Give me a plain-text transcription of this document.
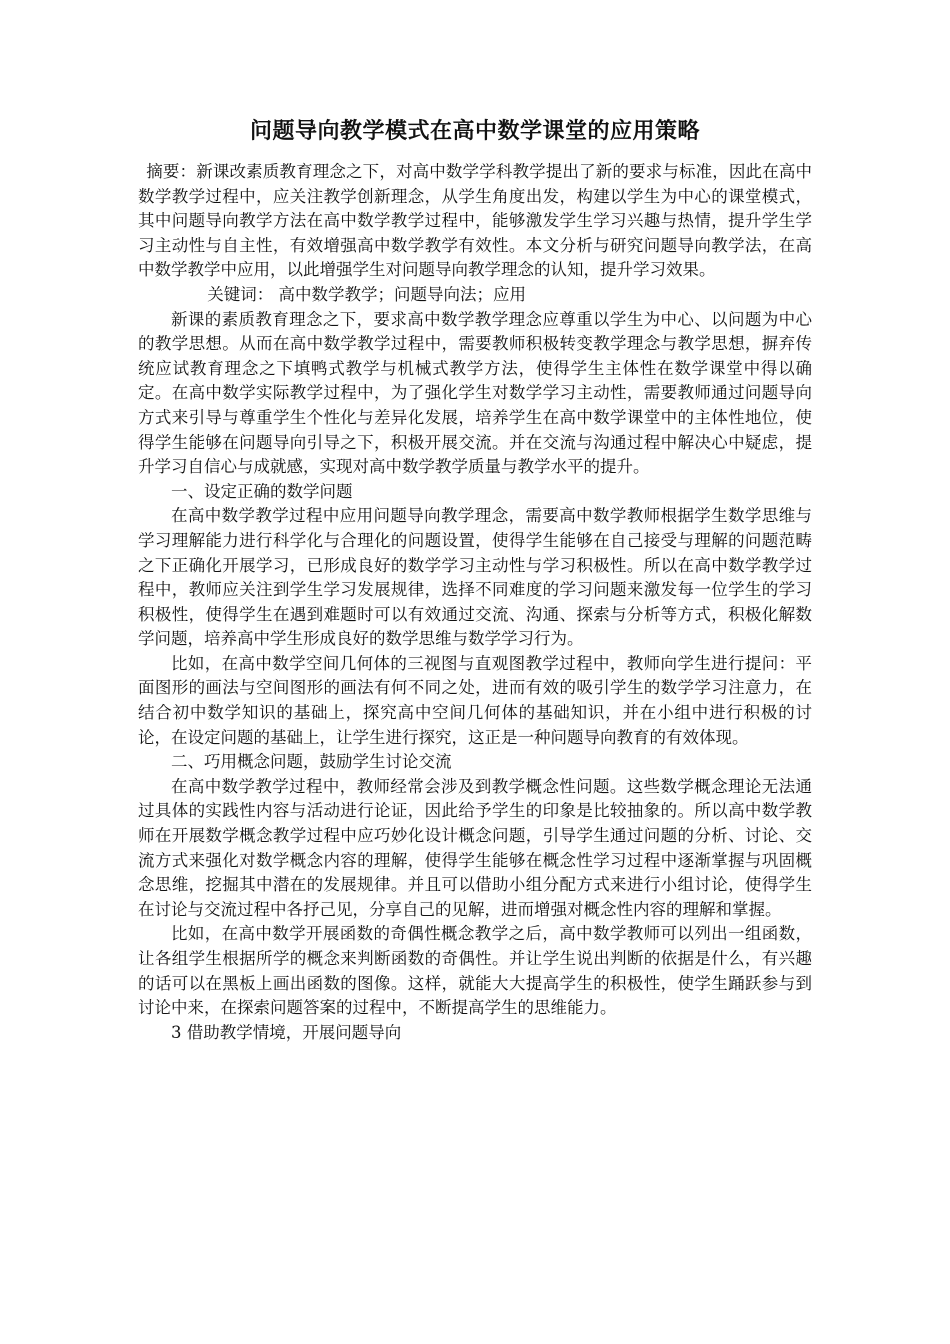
问题导向教学模式在高中数学课堂的应用策略

摘要：新课改素质教育理念之下，对高中数学学科教学提出了新的要求与标准，因此在高中数学教学过程中，应关注教学创新理念，从学生角度出发，构建以学生为中心的课堂模式，其中问题导向教学方法在高中数学教学过程中，能够激发学生学习兴趣与热情，提升学生学习主动性与自主性，有效增强高中数学教学有效性。本文分析与研究问题导向教学法，在高中数学教学中应用，以此增强学生对问题导向教学理念的认知，提升学习效果。

关键词： 高中数学教学；问题导向法；应用

新课的素质教育理念之下，要求高中数学教学理念应尊重以学生为中心、以问题为中心的教学思想。从而在高中数学教学过程中，需要教师积极转变教学理念与教学思想，摒弃传统应试教育理念之下填鸭式教学与机械式教学方法，使得学生主体性在数学课堂中得以确定。在高中数学实际教学过程中，为了强化学生对数学学习主动性，需要教师通过问题导向方式来引导与尊重学生个性化与差异化发展，培养学生在高中数学课堂中的主体性地位，使得学生能够在问题导向引导之下，积极开展交流。并在交流与沟通过程中解决心中疑虑，提升学习自信心与成就感，实现对高中数学教学质量与教学水平的提升。

一、设定正确的数学问题

在高中数学教学过程中应用问题导向教学理念，需要高中数学教师根据学生数学思维与学习理解能力进行科学化与合理化的问题设置，使得学生能够在自己接受与理解的问题范畴之下正确化开展学习，已形成良好的数学学习主动性与学习积极性。所以在高中数学教学过程中，教师应关注到学生学习发展规律，选择不同难度的学习问题来激发每一位学生的学习积极性，使得学生在遇到难题时可以有效通过交流、沟通、探索与分析等方式，积极化解数学问题，培养高中学生形成良好的数学思维与数学学习行为。

比如，在高中数学空间几何体的三视图与直观图教学过程中，教师向学生进行提问：平面图形的画法与空间图形的画法有何不同之处，进而有效的吸引学生的数学学习注意力，在结合初中数学知识的基础上，探究高中空间几何体的基础知识，并在小组中进行积极的讨论，在设定问题的基础上，让学生进行探究，这正是一种问题导向教育的有效体现。

二、巧用概念问题，鼓励学生讨论交流

在高中数学教学过程中，教师经常会涉及到教学概念性问题。这些数学概念理论无法通过具体的实践性内容与活动进行论证，因此给予学生的印象是比较抽象的。所以高中数学教师在开展数学概念教学过程中应巧妙化设计概念问题，引导学生通过问题的分析、讨论、交流方式来强化对数学概念内容的理解，使得学生能够在概念性学习过程中逐渐掌握与巩固概念思维，挖掘其中潜在的发展规律。并且可以借助小组分配方式来进行小组讨论，使得学生在讨论与交流过程中各抒己见，分享自己的见解，进而增强对概念性内容的理解和掌握。

比如，在高中数学开展函数的奇偶性概念教学之后，高中数学教师可以列出一组函数，让各组学生根据所学的概念来判断函数的奇偶性。并让学生说出判断的依据是什么，有兴趣的话可以在黑板上画出函数的图像。这样，就能大大提高学生的积极性，使学生踊跃参与到讨论中来，在探索问题答案的过程中，不断提高学生的思维能力。

3 借助教学情境，开展问题导向
